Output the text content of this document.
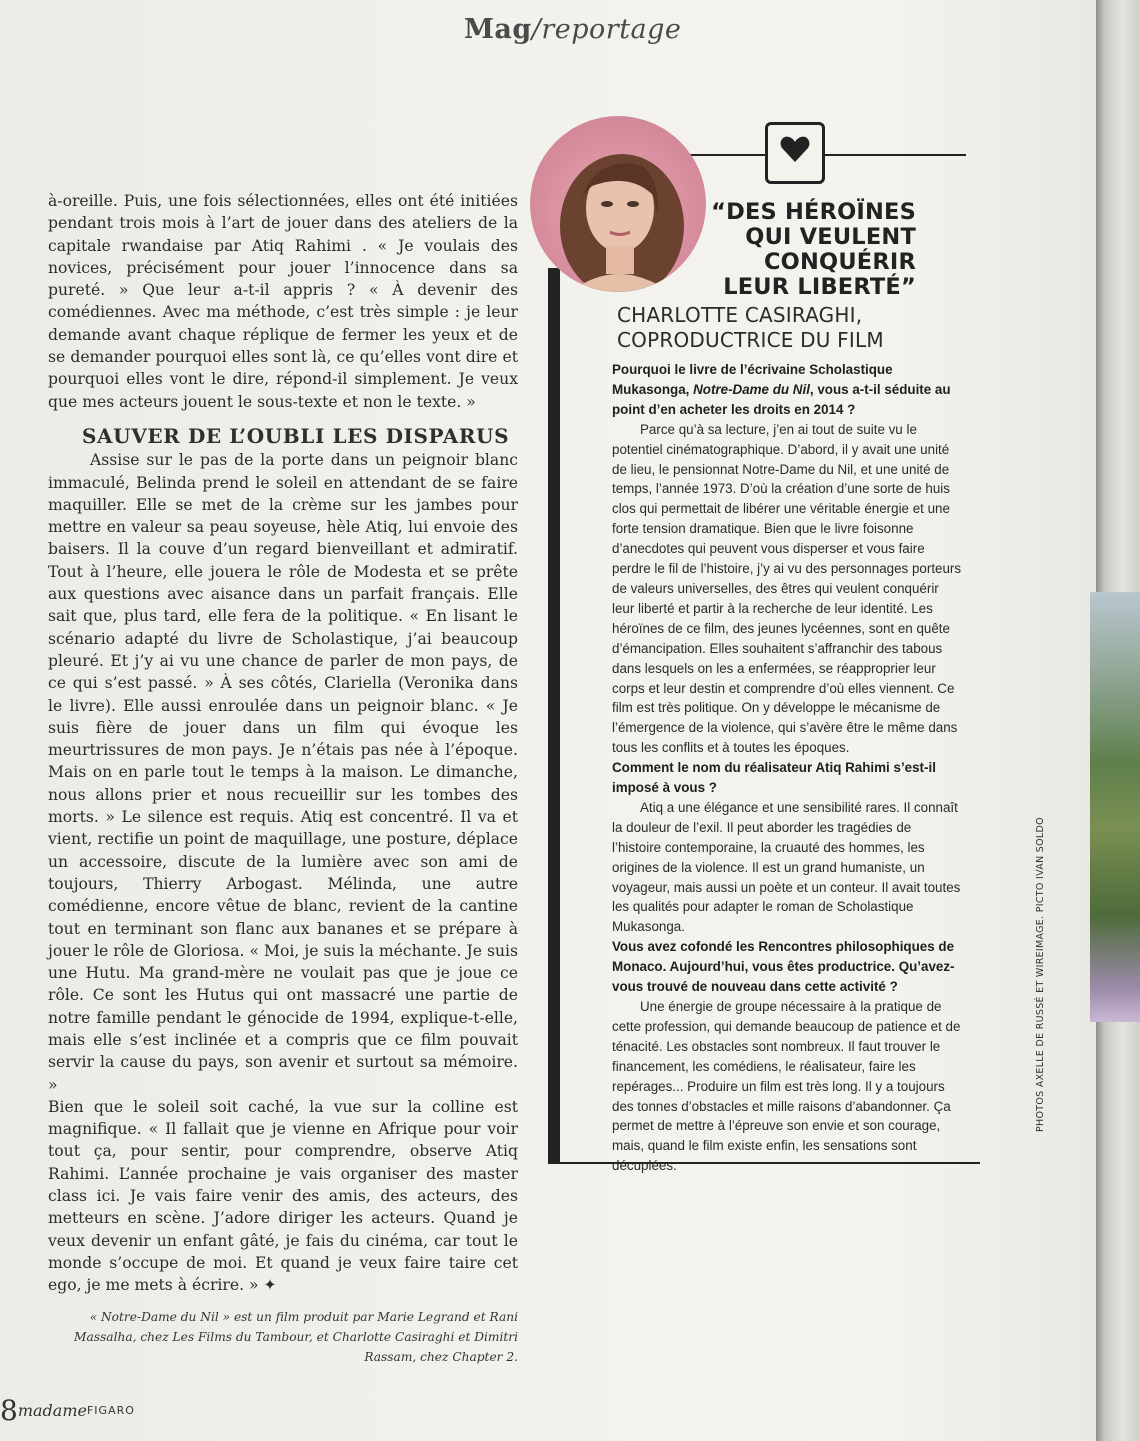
Mag/reportage

à-oreille. Puis, une fois sélectionnées, elles ont été initiées pendant trois mois à l’art de jouer dans des ateliers de la capitale rwandaise par Atiq Rahimi . « Je voulais des novices, précisément pour jouer l’innocence dans sa pureté. » Que leur a-t-il appris ? « À devenir des comédiennes. Avec ma méthode, c’est très simple : je leur demande avant chaque réplique de fermer les yeux et de se demander pourquoi elles sont là, ce qu’elles vont dire et pourquoi elles vont le dire, répond-il simplement. Je veux que mes acteurs jouent le sous-texte et non le texte. »

SAUVER DE L’OUBLI LES DISPARUS

Assise sur le pas de la porte dans un peignoir blanc immaculé, Belinda prend le soleil en attendant de se faire maquiller. Elle se met de la crème sur les jambes pour mettre en valeur sa peau soyeuse, hèle Atiq, lui envoie des baisers. Il la couve d’un regard bienveillant et admiratif. Tout à l’heure, elle jouera le rôle de Modesta et se prête aux questions avec aisance dans un parfait français. Elle sait que, plus tard, elle fera de la politique. « En lisant le scénario adapté du livre de Scholastique, j’ai beaucoup pleuré. Et j’y ai vu une chance de parler de mon pays, de ce qui s’est passé. » À ses côtés, Clariella (Veronika dans le livre). Elle aussi enroulée dans un peignoir blanc. « Je suis fière de jouer dans un film qui évoque les meurtrissures de mon pays. Je n’étais pas née à l’époque. Mais on en parle tout le temps à la maison. Le dimanche, nous allons prier et nous recueillir sur les tombes des morts. » Le silence est requis. Atiq est concentré. Il va et vient, rectifie un point de maquillage, une posture, déplace un accessoire, discute de la lumière avec son ami de toujours, Thierry Arbogast. Mélinda, une autre comédienne, encore vêtue de blanc, revient de la cantine tout en terminant son flanc aux bananes et se prépare à jouer le rôle de Gloriosa. « Moi, je suis la méchante. Je suis une Hutu. Ma grand-mère ne voulait pas que je joue ce rôle. Ce sont les Hutus qui ont massacré une partie de notre famille pendant le génocide de 1994, explique-t-elle, mais elle s’est inclinée et a compris que ce film pouvait servir la cause du pays, son avenir et surtout sa mémoire. »

Bien que le soleil soit caché, la vue sur la colline est magnifique. « Il fallait que je vienne en Afrique pour voir tout ça, pour sentir, pour comprendre, observe Atiq Rahimi. L’année prochaine je vais organiser des master class ici. Je vais faire venir des amis, des acteurs, des metteurs en scène. J’adore diriger les acteurs. Quand je veux devenir un enfant gâté, je fais du cinéma, car tout le monde s’occupe de moi. Et quand je veux faire taire cet ego, je me mets à écrire. » ✦

« Notre-Dame du Nil » est un film produit par Marie Legrand et Rani Massalha, chez Les Films du Tambour, et Charlotte Casiraghi et Dimitri Rassam, chez Chapter 2.
“DES HÉROÏNES
QUI VEULENT
CONQUÉRIR
LEUR LIBERTÉ”
CHARLOTTE CASIRAGHI,
COPRODUCTRICE DU FILM

Pourquoi le livre de l’écrivaine Scholastique Mukasonga, Notre-Dame du Nil, vous a-t-il séduite au point d’en acheter les droits en 2014 ?

Parce qu’à sa lecture, j’en ai tout de suite vu le potentiel cinématographique. D’abord, il y avait une unité de lieu, le pensionnat Notre-Dame du Nil, et une unité de temps, l’année 1973. D’où la création d’une sorte de huis clos qui permettait de libérer une véritable énergie et une forte tension dramatique. Bien que le livre foisonne d’anecdotes qui peuvent vous disperser et vous faire perdre le fil de l’histoire, j’y ai vu des personnages porteurs de valeurs universelles, des êtres qui veulent conquérir leur liberté et partir à la recherche de leur identité. Les héroïnes de ce film, des jeunes lycéennes, sont en quête d’émancipation. Elles souhaitent s’affranchir des tabous dans lesquels on les a enfermées, se réapproprier leur corps et leur destin et comprendre d’où elles viennent. Ce film est très politique. On y développe le mécanisme de l’émergence de la violence, qui s’avère être le même dans tous les conflits et à toutes les époques.

Comment le nom du réalisateur Atiq Rahimi s’est-il imposé à vous ?

Atiq a une élégance et une sensibilité rares. Il connaît la douleur de l’exil. Il peut aborder les tragédies de l’histoire contemporaine, la cruauté des hommes, les origines de la violence. Il est un grand humaniste, un voyageur, mais aussi un poète et un conteur. Il avait toutes les qualités pour adapter le roman de Scholastique Mukasonga.

Vous avez cofondé les Rencontres philosophiques de Monaco. Aujourd’hui, vous êtes productrice. Qu’avez-vous trouvé de nouveau dans cette activité ?

Une énergie de groupe nécessaire à la pratique de cette profession, qui demande beaucoup de patience et de ténacité. Les obstacles sont nombreux. Il faut trouver le financement, les comédiens, le réalisateur, faire les repérages... Produire un film est très long. Il y a toujours des tonnes d’obstacles et mille raisons d’abandonner. Ça permet de mettre à l’épreuve son envie et son courage, mais, quand le film existe enfin, les sensations sont décuplées.

PHOTOS AXELLE DE RUSSÉ ET WIREIMAGE. PICTO IVAN SOLDO
8madameFIGARO
